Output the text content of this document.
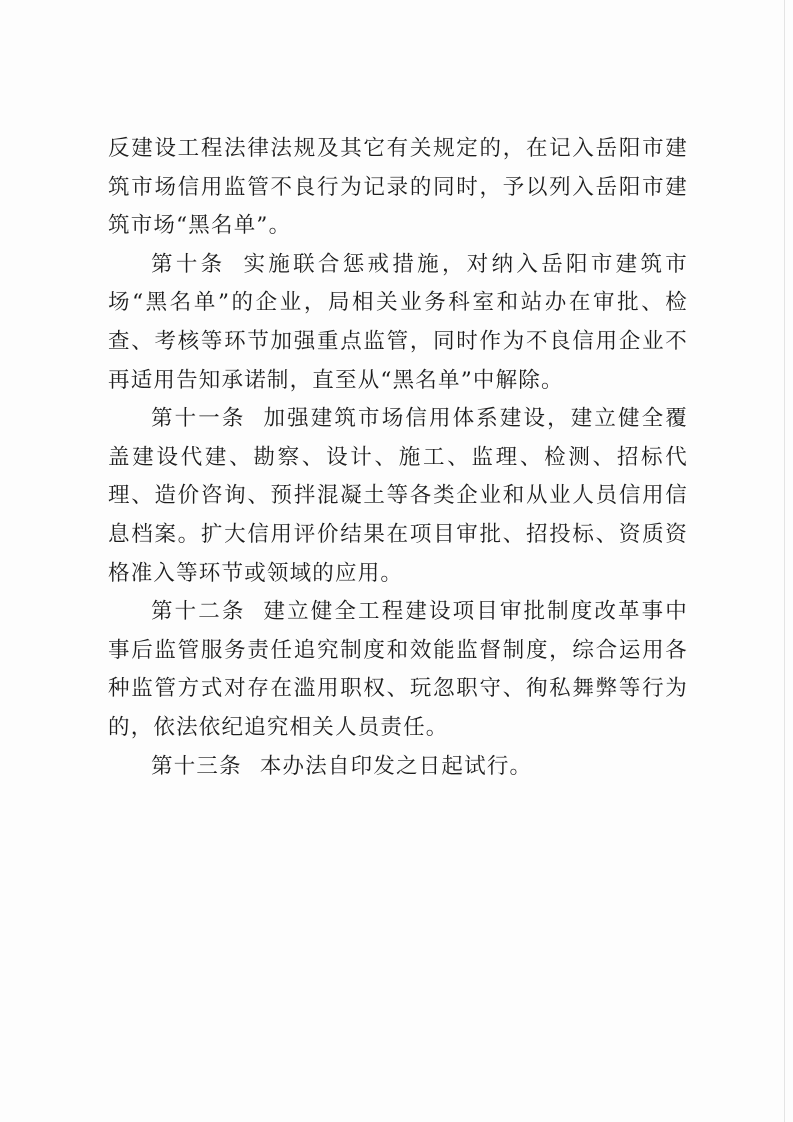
反建设工程法律法规及其它有关规定的，在记入岳阳市建筑市场信用监管不良行为记录的同时，予以列入岳阳市建筑市场“黑名单”。

第十条 实施联合惩戒措施，对纳入岳阳市建筑市场“黑名单”的企业，局相关业务科室和站办在审批、检查、考核等环节加强重点监管，同时作为不良信用企业不再适用告知承诺制，直至从“黑名单”中解除。

第十一条 加强建筑市场信用体系建设，建立健全覆盖建设代建、勘察、设计、施工、监理、检测、招标代理、造价咨询、预拌混凝土等各类企业和从业人员信用信息档案。扩大信用评价结果在项目审批、招投标、资质资格准入等环节或领域的应用。

第十二条 建立健全工程建设项目审批制度改革事中事后监管服务责任追究制度和效能监督制度，综合运用各种监管方式对存在滥用职权、玩忽职守、徇私舞弊等行为的，依法依纪追究相关人员责任。

第十三条 本办法自印发之日起试行。
